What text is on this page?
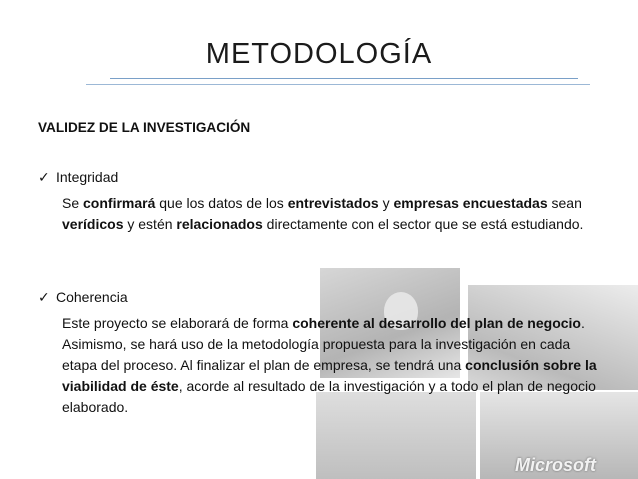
METODOLOGÍA
VALIDEZ DE LA INVESTIGACIÓN
Microsoft
✓ Integridad
Se confirmará que los datos de los entrevistados y empresas encuestadas sean verídicos y estén relacionados directamente con el sector que se está estudiando.
✓ Coherencia
Este proyecto se elaborará de forma coherente al desarrollo del plan de negocio. Asimismo, se hará uso de la metodología propuesta para la investigación en cada etapa del proceso. Al finalizar el plan de empresa, se tendrá una conclusión sobre la viabilidad de éste, acorde al resultado de la investigación y a todo el plan de negocio elaborado.
